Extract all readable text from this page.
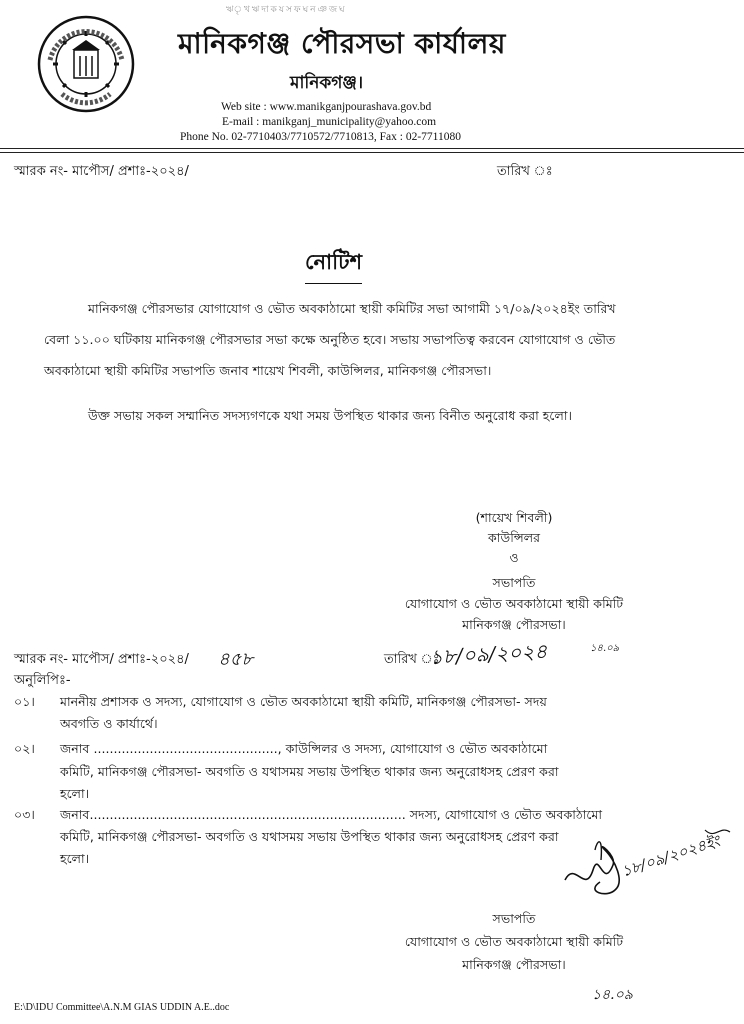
ঋৃখঋদাকযসফঘনঞজঘ
মানিকগঞ্জ পৌরসভা কার্যালয়
মানিকগঞ্জ।
Web site : www.manikganjpourashava.gov.bd
E-mail : manikganj_municipality@yahoo.com
Phone No. 02-7710403/7710572/7710813, Fax : 02-7711080
স্মারক নং- মাপৌস/ প্রশাঃ-২০২৪/	তারিখ ঃ
নোটিশ
মানিকগঞ্জ পৌরসভার যোগাযোগ ও ভৌত অবকাঠামো স্থায়ী কমিটির সভা আগামী ১৭/০৯/২০২৪ইং তারিখ
বেলা ১১.০০ ঘটিকায় মানিকগঞ্জ পৌরসভার সভা কক্ষে অনুষ্ঠিত হবে। সভায় সভাপতিত্ব করবেন যোগাযোগ ও ভৌত
অবকাঠামো স্থায়ী কমিটির সভাপতি জনাব শায়েখ শিবলী, কাউন্সিলর, মানিকগঞ্জ পৌরসভা।
উক্ত সভায় সকল সম্মানিত সদস্যগণকে যথা সময় উপস্থিত থাকার জন্য বিনীত অনুরোধ করা হলো।
(শায়েখ শিবলী)
কাউন্সিলর
ও
সভাপতি
যোগাযোগ ও ভৌত অবকাঠামো স্থায়ী কমিটি
মানিকগঞ্জ পৌরসভা।
স্মারক নং- মাপৌস/ প্রশাঃ-২০২৪/ ৪৫৮	তারিখ ঃ
১৮/০৯/২০২৪	১৪.০৯
অনুলিপিঃ-
০১। মাননীয় প্রশাসক ও সদস্য, যোগাযোগ ও ভৌত অবকাঠামো স্থায়ী কমিটি, মানিকগঞ্জ পৌরসভা- সদয়
অবগতি ও কার্যার্থে।
০২। জনাব .............................................., কাউন্সিলর ও সদস্য, যোগাযোগ ও ভৌত অবকাঠামো
কমিটি, মানিকগঞ্জ পৌরসভা- অবগতি ও যথাসময় সভায় উপস্থিত থাকার জন্য অনুরোধসহ প্রেরণ করা
হলো।
০৩। জনাব............................................................................... সদস্য, যোগাযোগ ও ভৌত অবকাঠামো
কমিটি, মানিকগঞ্জ পৌরসভা- অবগতি ও যথাসময় সভায় উপস্থিত থাকার জন্য অনুরোধসহ প্রেরণ করা
হলো।	১৮/০৯/২০২৪ইং
সভাপতি
যোগাযোগ ও ভৌত অবকাঠামো স্থায়ী কমিটি
মানিকগঞ্জ পৌরসভা।
১৪.০৯
E:\D\IDU Committee\A.N.M GIAS UDDIN A.E..doc
